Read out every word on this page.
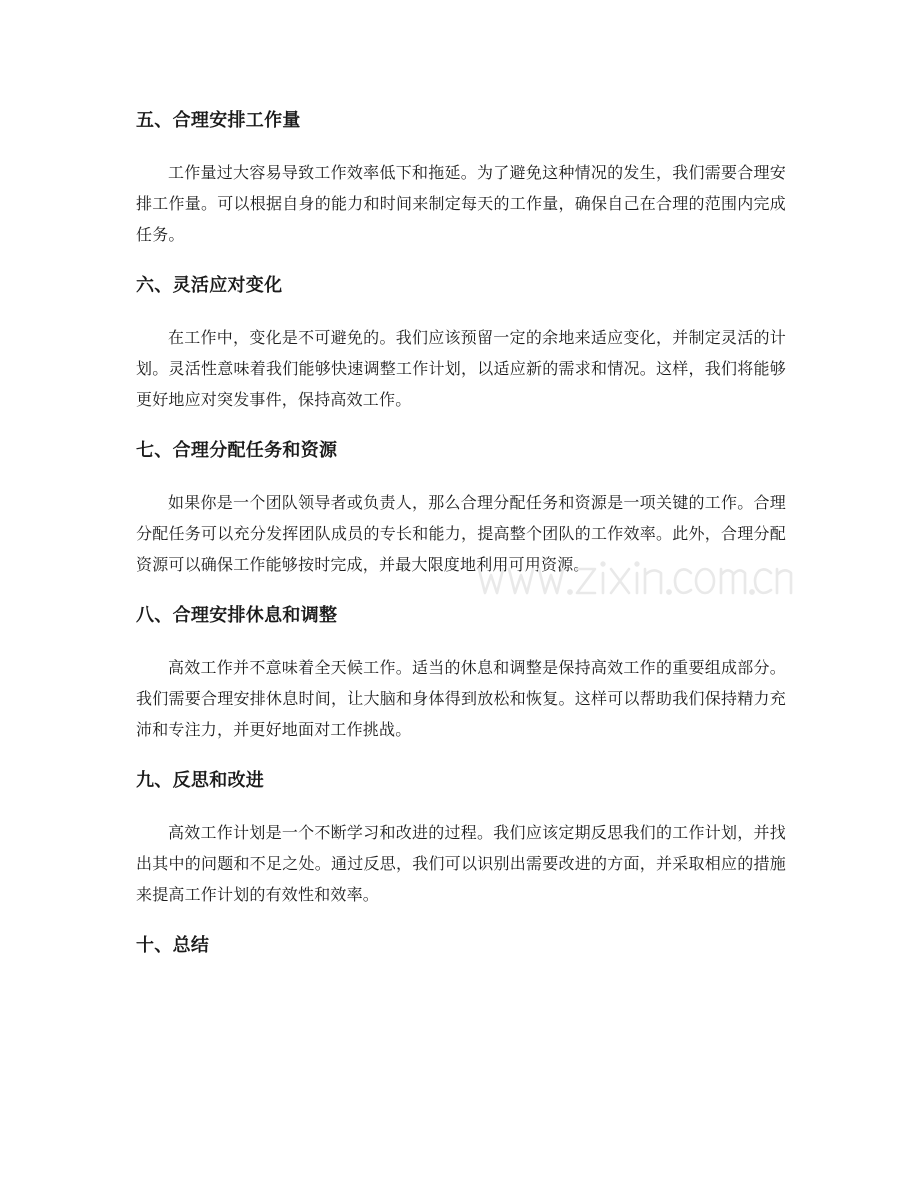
五、合理安排工作量

工作量过大容易导致工作效率低下和拖延。为了避免这种情况的发生，我们需要合理安排工作量。可以根据自身的能力和时间来制定每天的工作量，确保自己在合理的范围内完成任务。

六、灵活应对变化

在工作中，变化是不可避免的。我们应该预留一定的余地来适应变化，并制定灵活的计划。灵活性意味着我们能够快速调整工作计划，以适应新的需求和情况。这样，我们将能够更好地应对突发事件，保持高效工作。

七、合理分配任务和资源

如果你是一个团队领导者或负责人，那么合理分配任务和资源是一项关键的工作。合理分配任务可以充分发挥团队成员的专长和能力，提高整个团队的工作效率。此外，合理分配资源可以确保工作能够按时完成，并最大限度地利用可用资源。

八、合理安排休息和调整

高效工作并不意味着全天候工作。适当的休息和调整是保持高效工作的重要组成部分。我们需要合理安排休息时间，让大脑和身体得到放松和恢复。这样可以帮助我们保持精力充沛和专注力，并更好地面对工作挑战。

九、反思和改进

高效工作计划是一个不断学习和改进的过程。我们应该定期反思我们的工作计划，并找出其中的问题和不足之处。通过反思，我们可以识别出需要改进的方面，并采取相应的措施来提高工作计划的有效性和效率。

十、总结
